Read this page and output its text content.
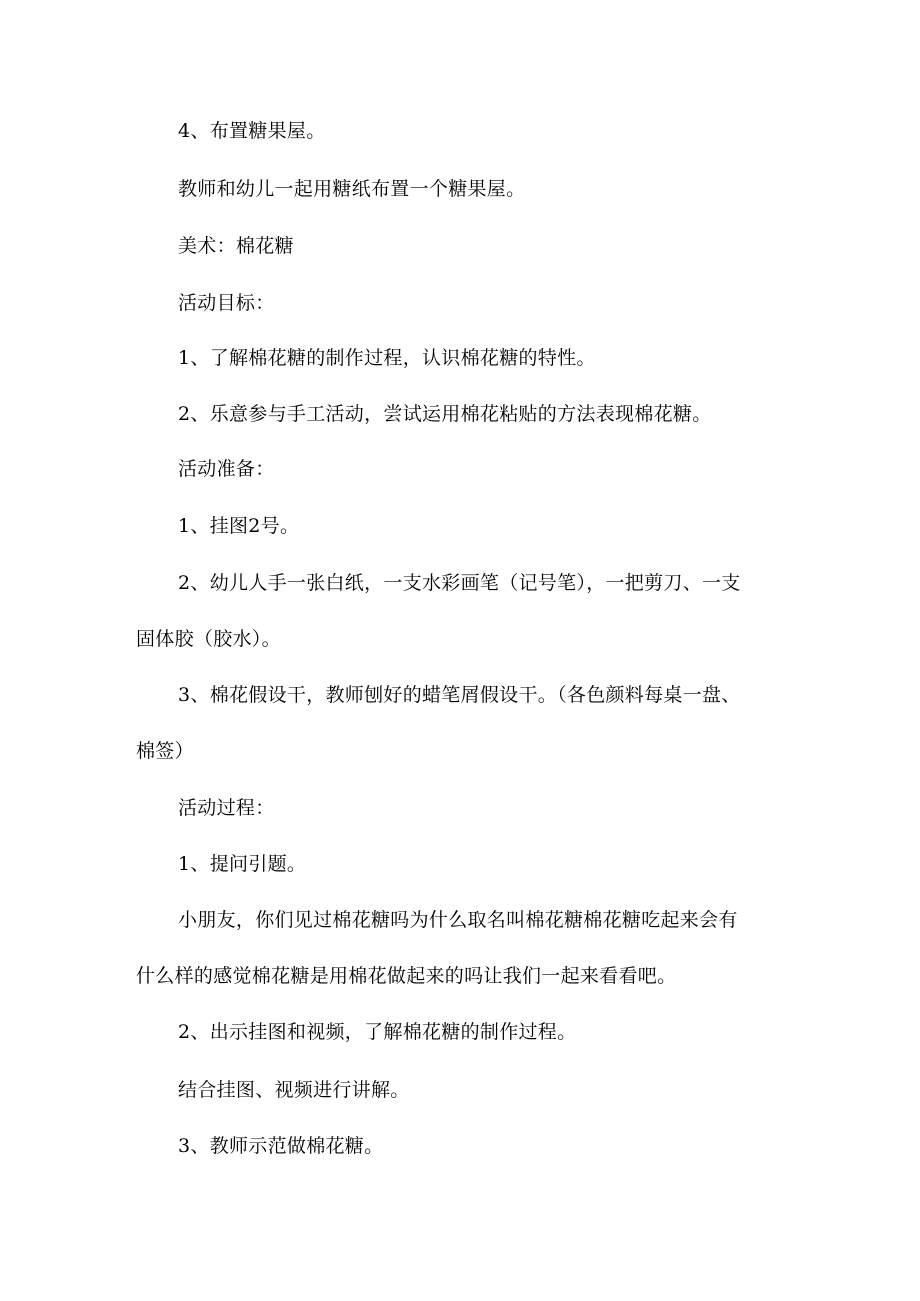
4、布置糖果屋。
教师和幼儿一起用糖纸布置一个糖果屋。
美术：棉花糖
活动目标：
1、了解棉花糖的制作过程，认识棉花糖的特性。
2、乐意参与手工活动，尝试运用棉花粘贴的方法表现棉花糖。
活动准备：
1、挂图2号。
2、幼儿人手一张白纸，一支水彩画笔（记号笔），一把剪刀、一支
固体胶（胶水）。
3、棉花假设干，教师刨好的蜡笔屑假设干。（各色颜料每桌一盘、
棉签）
活动过程：
1、提问引题。
小朋友，你们见过棉花糖吗为什么取名叫棉花糖棉花糖吃起来会有
什么样的感觉棉花糖是用棉花做起来的吗让我们一起来看看吧。
2、出示挂图和视频，了解棉花糖的制作过程。
结合挂图、视频进行讲解。
3、教师示范做棉花糖。
